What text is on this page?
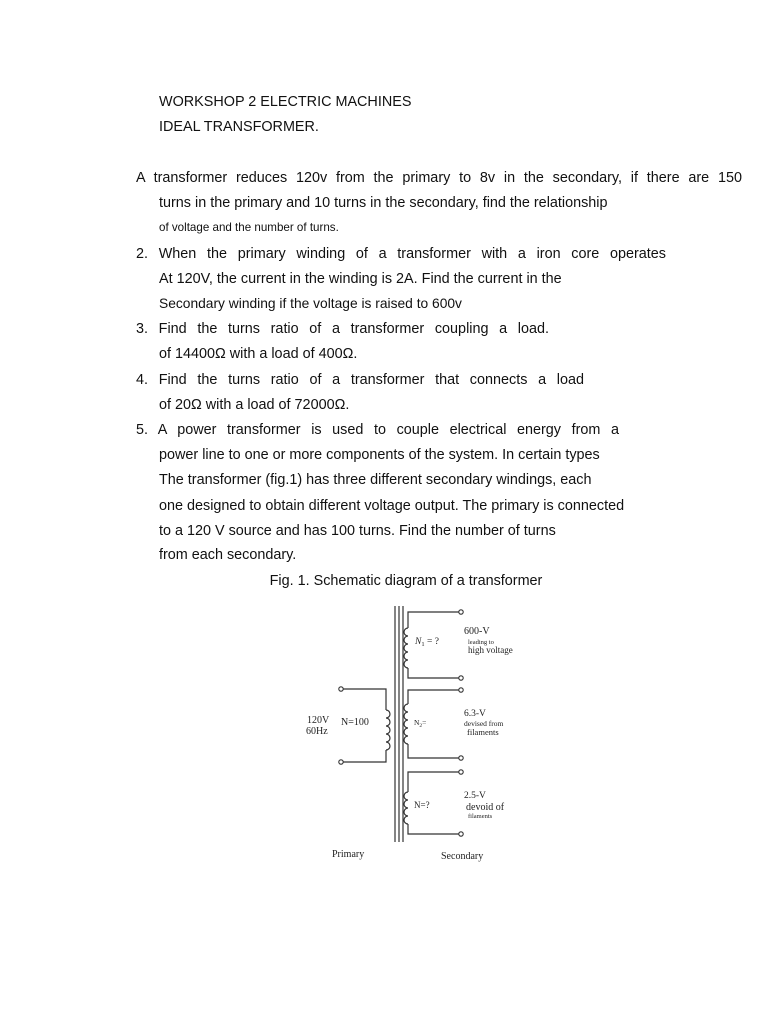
WORKSHOP 2 ELECTRIC MACHINES
IDEAL TRANSFORMER.
A transformer reduces 120v from the primary to 8v in the secondary, if there are 150
turns in the primary and 10 turns in the secondary, find the relationship
of voltage and the number of turns.
2. When the primary winding of a transformer with a iron core operates
At 120V, the current in the winding is 2A. Find the current in the
Secondary winding if the voltage is raised to 600v
3. Find the turns ratio of a transformer coupling a load.
of 14400Ω with a load of 400Ω.
4. Find the turns ratio of a transformer that connects a load
of 20Ω with a load of 72000Ω.
5. A power transformer is used to couple electrical energy from a
power line to one or more components of the system. In certain types
The transformer (fig.1) has three different secondary windings, each
one designed to obtain different voltage output. The primary is connected
to a 120 V source and has 100 turns. Find the number of turns
from each secondary.
Fig. 1. Schematic diagram of a transformer
120V
60Hz
N=100
$N_1$ = ?
600-V
leading to
high voltage
$N_2=$
6.3-V
devised from
filaments
N=?
2.5-V
devoid of
filaments
Primary	Secondary
